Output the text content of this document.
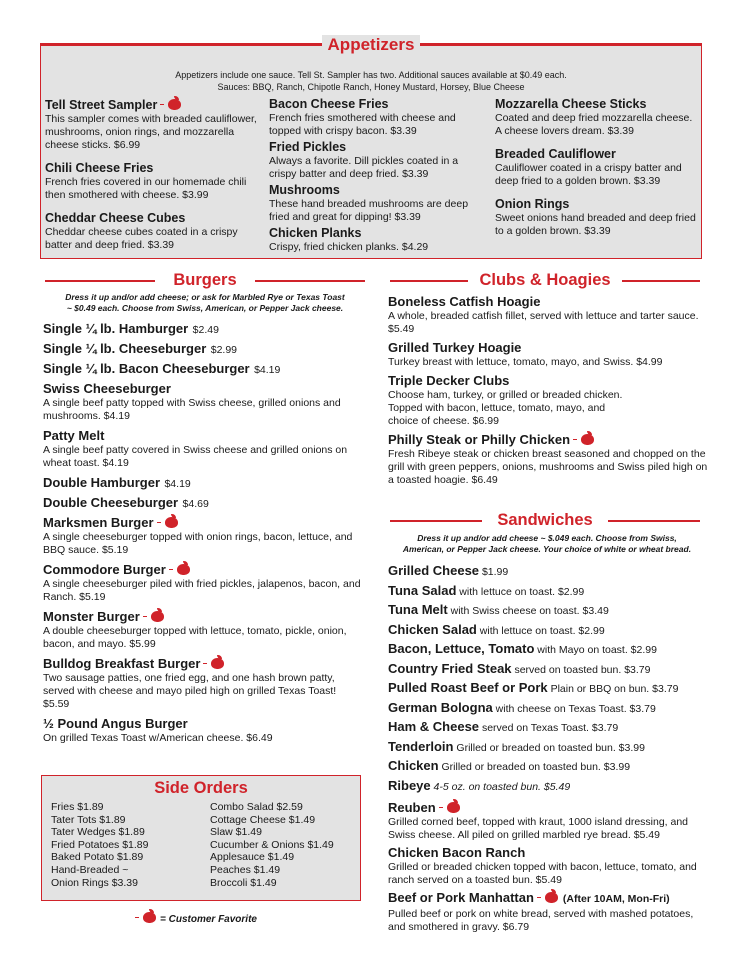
Appetizers
Appetizers include one sauce. Tell St. Sampler has two. Additional sauces available at $0.49 each.
Sauces: BBQ, Ranch, Chipotle Ranch, Honey Mustard, Horsey, Blue Cheese
Tell Street Sampler
This sampler comes with breaded cauliflower, mushrooms, onion rings, and mozzarella cheese sticks. $6.99
Chili Cheese Fries
French fries covered in our homemade chili then smothered with cheese. $3.99
Cheddar Cheese Cubes
Cheddar cheese cubes coated in a crispy batter and deep fried. $3.39
Bacon Cheese Fries
French fries smothered with cheese and topped with crispy bacon. $3.39
Fried Pickles
Always a favorite. Dill pickles coated in a crispy batter and deep fried. $3.39
Mushrooms
These hand breaded mushrooms are deep fried and great for dipping! $3.39
Chicken Planks
Crispy, fried chicken planks. $4.29
Mozzarella Cheese Sticks
Coated and deep fried mozzarella cheese. A cheese lovers dream. $3.39
Breaded Cauliflower
Cauliflower coated in a crispy batter and deep fried to a golden brown. $3.39
Onion Rings
Sweet onions hand breaded and deep fried to a golden brown. $3.39
Burgers
Dress it up and/or add cheese; or ask for Marbled Rye or Texas Toast
~ $0.49 each. Choose from Swiss, American, or Pepper Jack cheese.
Single ¼ lb. Hamburger $2.49
Single ¼ lb. Cheeseburger $2.99
Single ¼ lb. Bacon Cheeseburger $4.19
Swiss Cheeseburger
A single beef patty topped with Swiss cheese, grilled onions and mushrooms. $4.19
Patty Melt
A single beef patty covered in Swiss cheese and grilled onions on wheat toast. $4.19
Double Hamburger $4.19
Double Cheeseburger $4.69
Marksmen Burger
A single cheeseburger topped with onion rings, bacon, lettuce, and BBQ sauce. $5.19
Commodore Burger
A single cheeseburger piled with fried pickles, jalapenos, bacon, and Ranch. $5.19
Monster Burger
A double cheeseburger topped with lettuce, tomato, pickle, onion, bacon, and mayo. $5.99
Bulldog Breakfast Burger
Two sausage patties, one fried egg, and one hash brown patty, served with cheese and mayo piled high on grilled Texas Toast! $5.59
½ Pound Angus Burger
On grilled Texas Toast w/American cheese. $6.49
Side Orders
Fries $1.89
Tater Tots $1.89
Tater Wedges $1.89
Fried Potatoes $1.89
Baked Potato $1.89
Hand-Breaded ~
Onion Rings $3.39
Combo Salad $2.59
Cottage Cheese $1.49
Slaw $1.49
Cucumber & Onions $1.49
Applesauce $1.49
Peaches $1.49
Broccoli $1.49
= Customer Favorite
Clubs & Hoagies
Boneless Catfish Hoagie
A whole, breaded catfish fillet, served with lettuce and tarter sauce. $5.49
Grilled Turkey Hoagie
Turkey breast with lettuce, tomato, mayo, and Swiss. $4.99
Triple Decker Clubs
Choose ham, turkey, or grilled or breaded chicken. Topped with bacon, lettuce, tomato, mayo, and choice of cheese. $6.99
Philly Steak or Philly Chicken
Fresh Ribeye steak or chicken breast seasoned and chopped on the grill with green peppers, onions, mushrooms and Swiss piled high on a toasted hoagie. $6.49
Sandwiches
Dress it up and/or add cheese ~ $.049 each. Choose from Swiss,
American, or Pepper Jack cheese. Your choice of white or wheat bread.
Grilled Cheese $1.99
Tuna Salad with lettuce on toast. $2.99
Tuna Melt with Swiss cheese on toast. $3.49
Chicken Salad with lettuce on toast. $2.99
Bacon, Lettuce, Tomato with Mayo on toast. $2.99
Country Fried Steak served on toasted bun. $3.79
Pulled Roast Beef or Pork Plain or BBQ on bun. $3.79
German Bologna with cheese on Texas Toast. $3.79
Ham & Cheese served on Texas Toast. $3.79
Tenderloin Grilled or breaded on toasted bun. $3.99
Chicken Grilled or breaded on toasted bun. $3.99
Ribeye 4-5 oz. on toasted bun. $5.49
Reuben
Grilled corned beef, topped with kraut, 1000 island dressing, and Swiss cheese. All piled on grilled marbled rye bread. $5.49
Chicken Bacon Ranch
Grilled or breaded chicken topped with bacon, lettuce, tomato, and ranch served on a toasted bun. $5.49
Beef or Pork Manhattan	(After 10AM, Mon-Fri)
Pulled beef or pork on white bread, served with mashed potatoes, and smothered in gravy. $6.79
